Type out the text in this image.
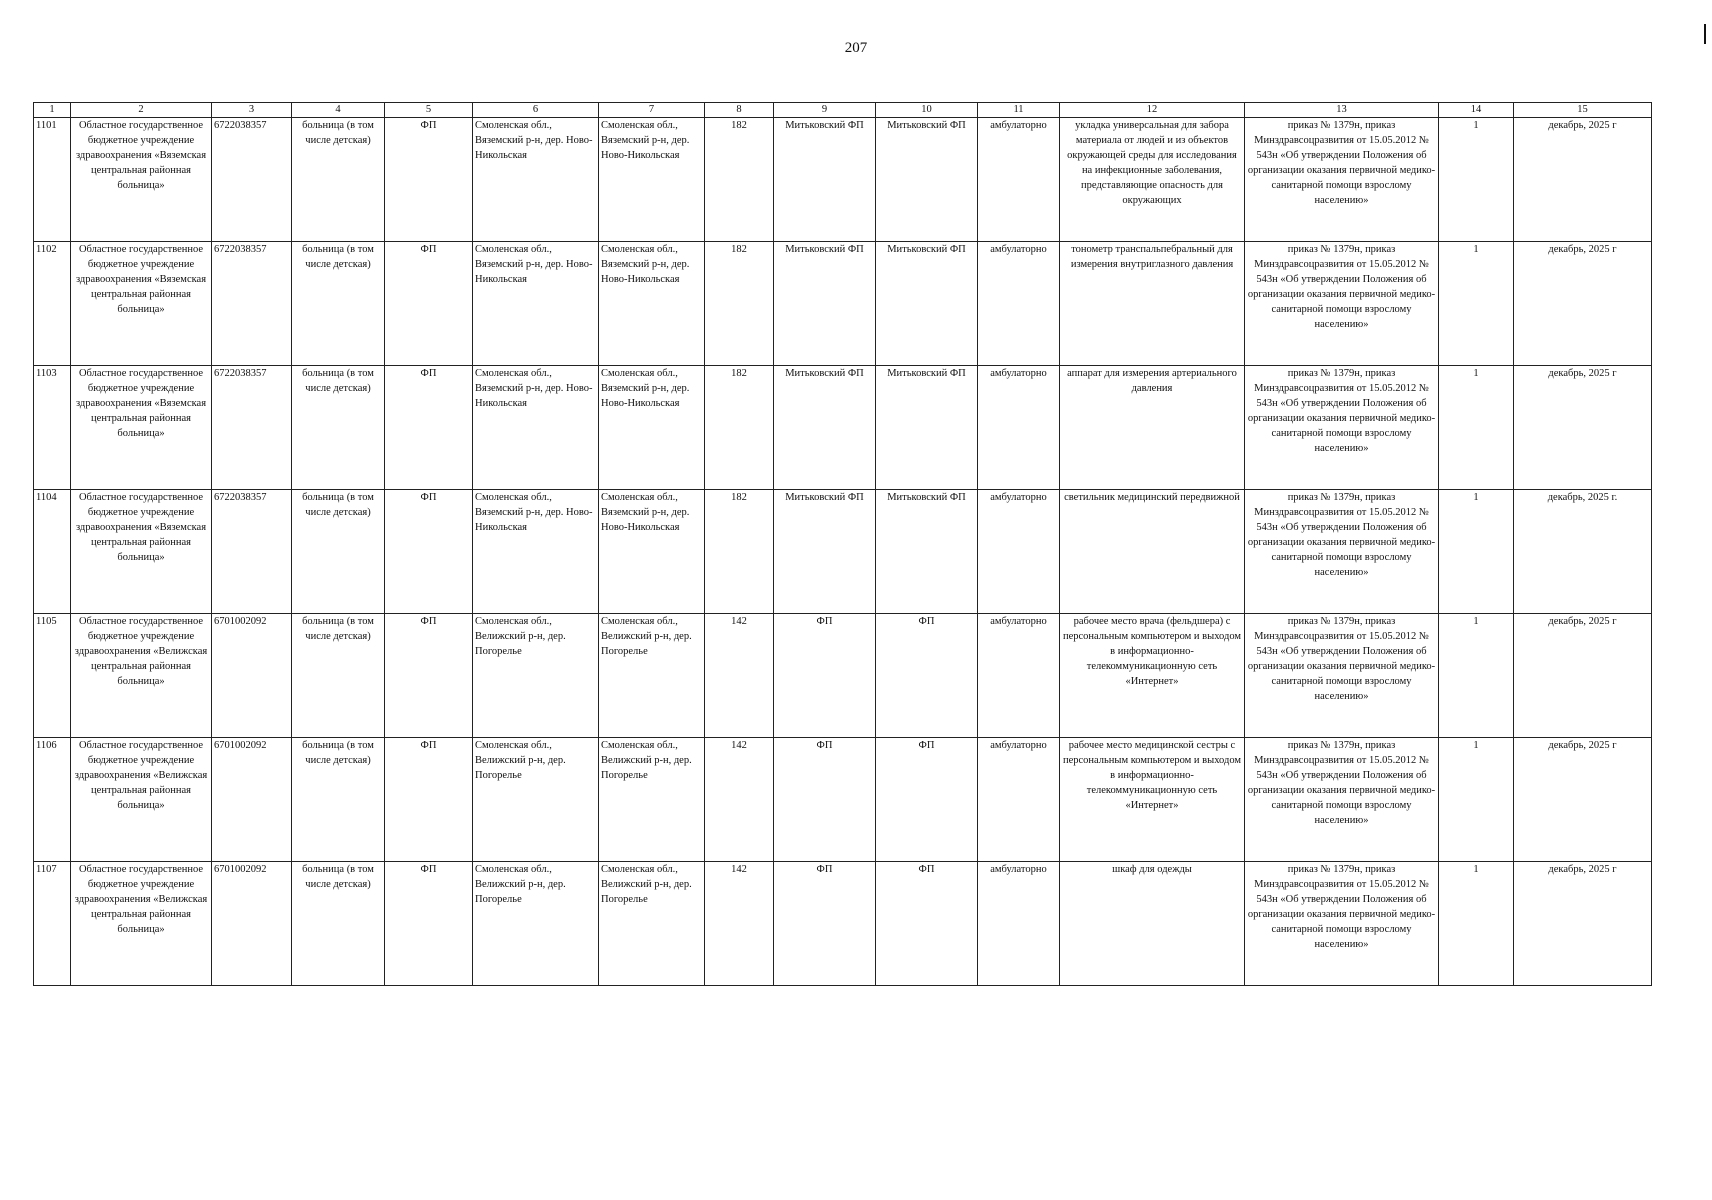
207
1	2	3	4	5	6	7	8	9	10	11	12	13	14	15
1101	Областное государственное бюджетное учреждение здравоохранения «Вяземская центральная районная больница»	6722038357	больница (в том числе детская)	ФП	Смоленская обл., Вяземский р-н, дер. Ново-Никольская	Смоленская обл., Вяземский р-н, дер. Ново-Никольская	182	Митьковский ФП	Митьковский ФП	амбулаторно	укладка универсальная для забора материала от людей и из объектов окружающей среды для исследования на инфекционные заболевания, представляющие опасность для окружающих	приказ № 1379н, приказ Минздравсоцразвития от 15.05.2012 № 543н «Об утверждении Положения об организации оказания первичной медико-санитарной помощи взрослому населению»	1	декабрь, 2025 г
1102	Областное государственное бюджетное учреждение здравоохранения «Вяземская центральная районная больница»	6722038357	больница (в том числе детская)	ФП	Смоленская обл., Вяземский р-н, дер. Ново-Никольская	Смоленская обл., Вяземский р-н, дер. Ново-Никольская	182	Митьковский ФП	Митьковский ФП	амбулаторно	тонометр транспальпебральный для измерения внутриглазного давления	приказ № 1379н, приказ Минздравсоцразвития от 15.05.2012 № 543н «Об утверждении Положения об организации оказания первичной медико-санитарной помощи взрослому населению»	1	декабрь, 2025 г
1103	Областное государственное бюджетное учреждение здравоохранения «Вяземская центральная районная больница»	6722038357	больница (в том числе детская)	ФП	Смоленская обл., Вяземский р-н, дер. Ново-Никольская	Смоленская обл., Вяземский р-н, дер. Ново-Никольская	182	Митьковский ФП	Митьковский ФП	амбулаторно	аппарат для измерения артериального давления	приказ № 1379н, приказ Минздравсоцразвития от 15.05.2012 № 543н «Об утверждении Положения об организации оказания первичной медико-санитарной помощи взрослому населению»	1	декабрь, 2025 г
1104	Областное государственное бюджетное учреждение здравоохранения «Вяземская центральная районная больница»	6722038357	больница (в том числе детская)	ФП	Смоленская обл., Вяземский р-н, дер. Ново-Никольская	Смоленская обл., Вяземский р-н, дер. Ново-Никольская	182	Митьковский ФП	Митьковский ФП	амбулаторно	светильник медицинский передвижной	приказ № 1379н, приказ Минздравсоцразвития от 15.05.2012 № 543н «Об утверждении Положения об организации оказания первичной медико-санитарной помощи взрослому населению»	1	декабрь, 2025 г.
1105	Областное государственное бюджетное учреждение здравоохранения «Велижская центральная районная больница»	6701002092	больница (в том числе детская)	ФП	Смоленская обл., Велижский р-н, дер. Погорелье	Смоленская обл., Велижский р-н, дер. Погорелье	142	ФП	ФП	амбулаторно	рабочее место врача (фельдшера) с персональным компьютером и выходом в информационно-телекоммуникационную сеть «Интернет»	приказ № 1379н, приказ Минздравсоцразвития от 15.05.2012 № 543н «Об утверждении Положения об организации оказания первичной медико-санитарной помощи взрослому населению»	1	декабрь, 2025 г
1106	Областное государственное бюджетное учреждение здравоохранения «Велижская центральная районная больница»	6701002092	больница (в том числе детская)	ФП	Смоленская обл., Велижский р-н, дер. Погорелье	Смоленская обл., Велижский р-н, дер. Погорелье	142	ФП	ФП	амбулаторно	рабочее место медицинской сестры с персональным компьютером и выходом в информационно-телекоммуникационную сеть «Интернет»	приказ № 1379н, приказ Минздравсоцразвития от 15.05.2012 № 543н «Об утверждении Положения об организации оказания первичной медико-санитарной помощи взрослому населению»	1	декабрь, 2025 г
1107	Областное государственное бюджетное учреждение здравоохранения «Велижская центральная районная больница»	6701002092	больница (в том числе детская)	ФП	Смоленская обл., Велижский р-н, дер. Погорелье	Смоленская обл., Велижский р-н, дер. Погорелье	142	ФП	ФП	амбулаторно	шкаф для одежды	приказ № 1379н, приказ Минздравсоцразвития от 15.05.2012 № 543н «Об утверждении Положения об организации оказания первичной медико-санитарной помощи взрослому населению»	1	декабрь, 2025 г
